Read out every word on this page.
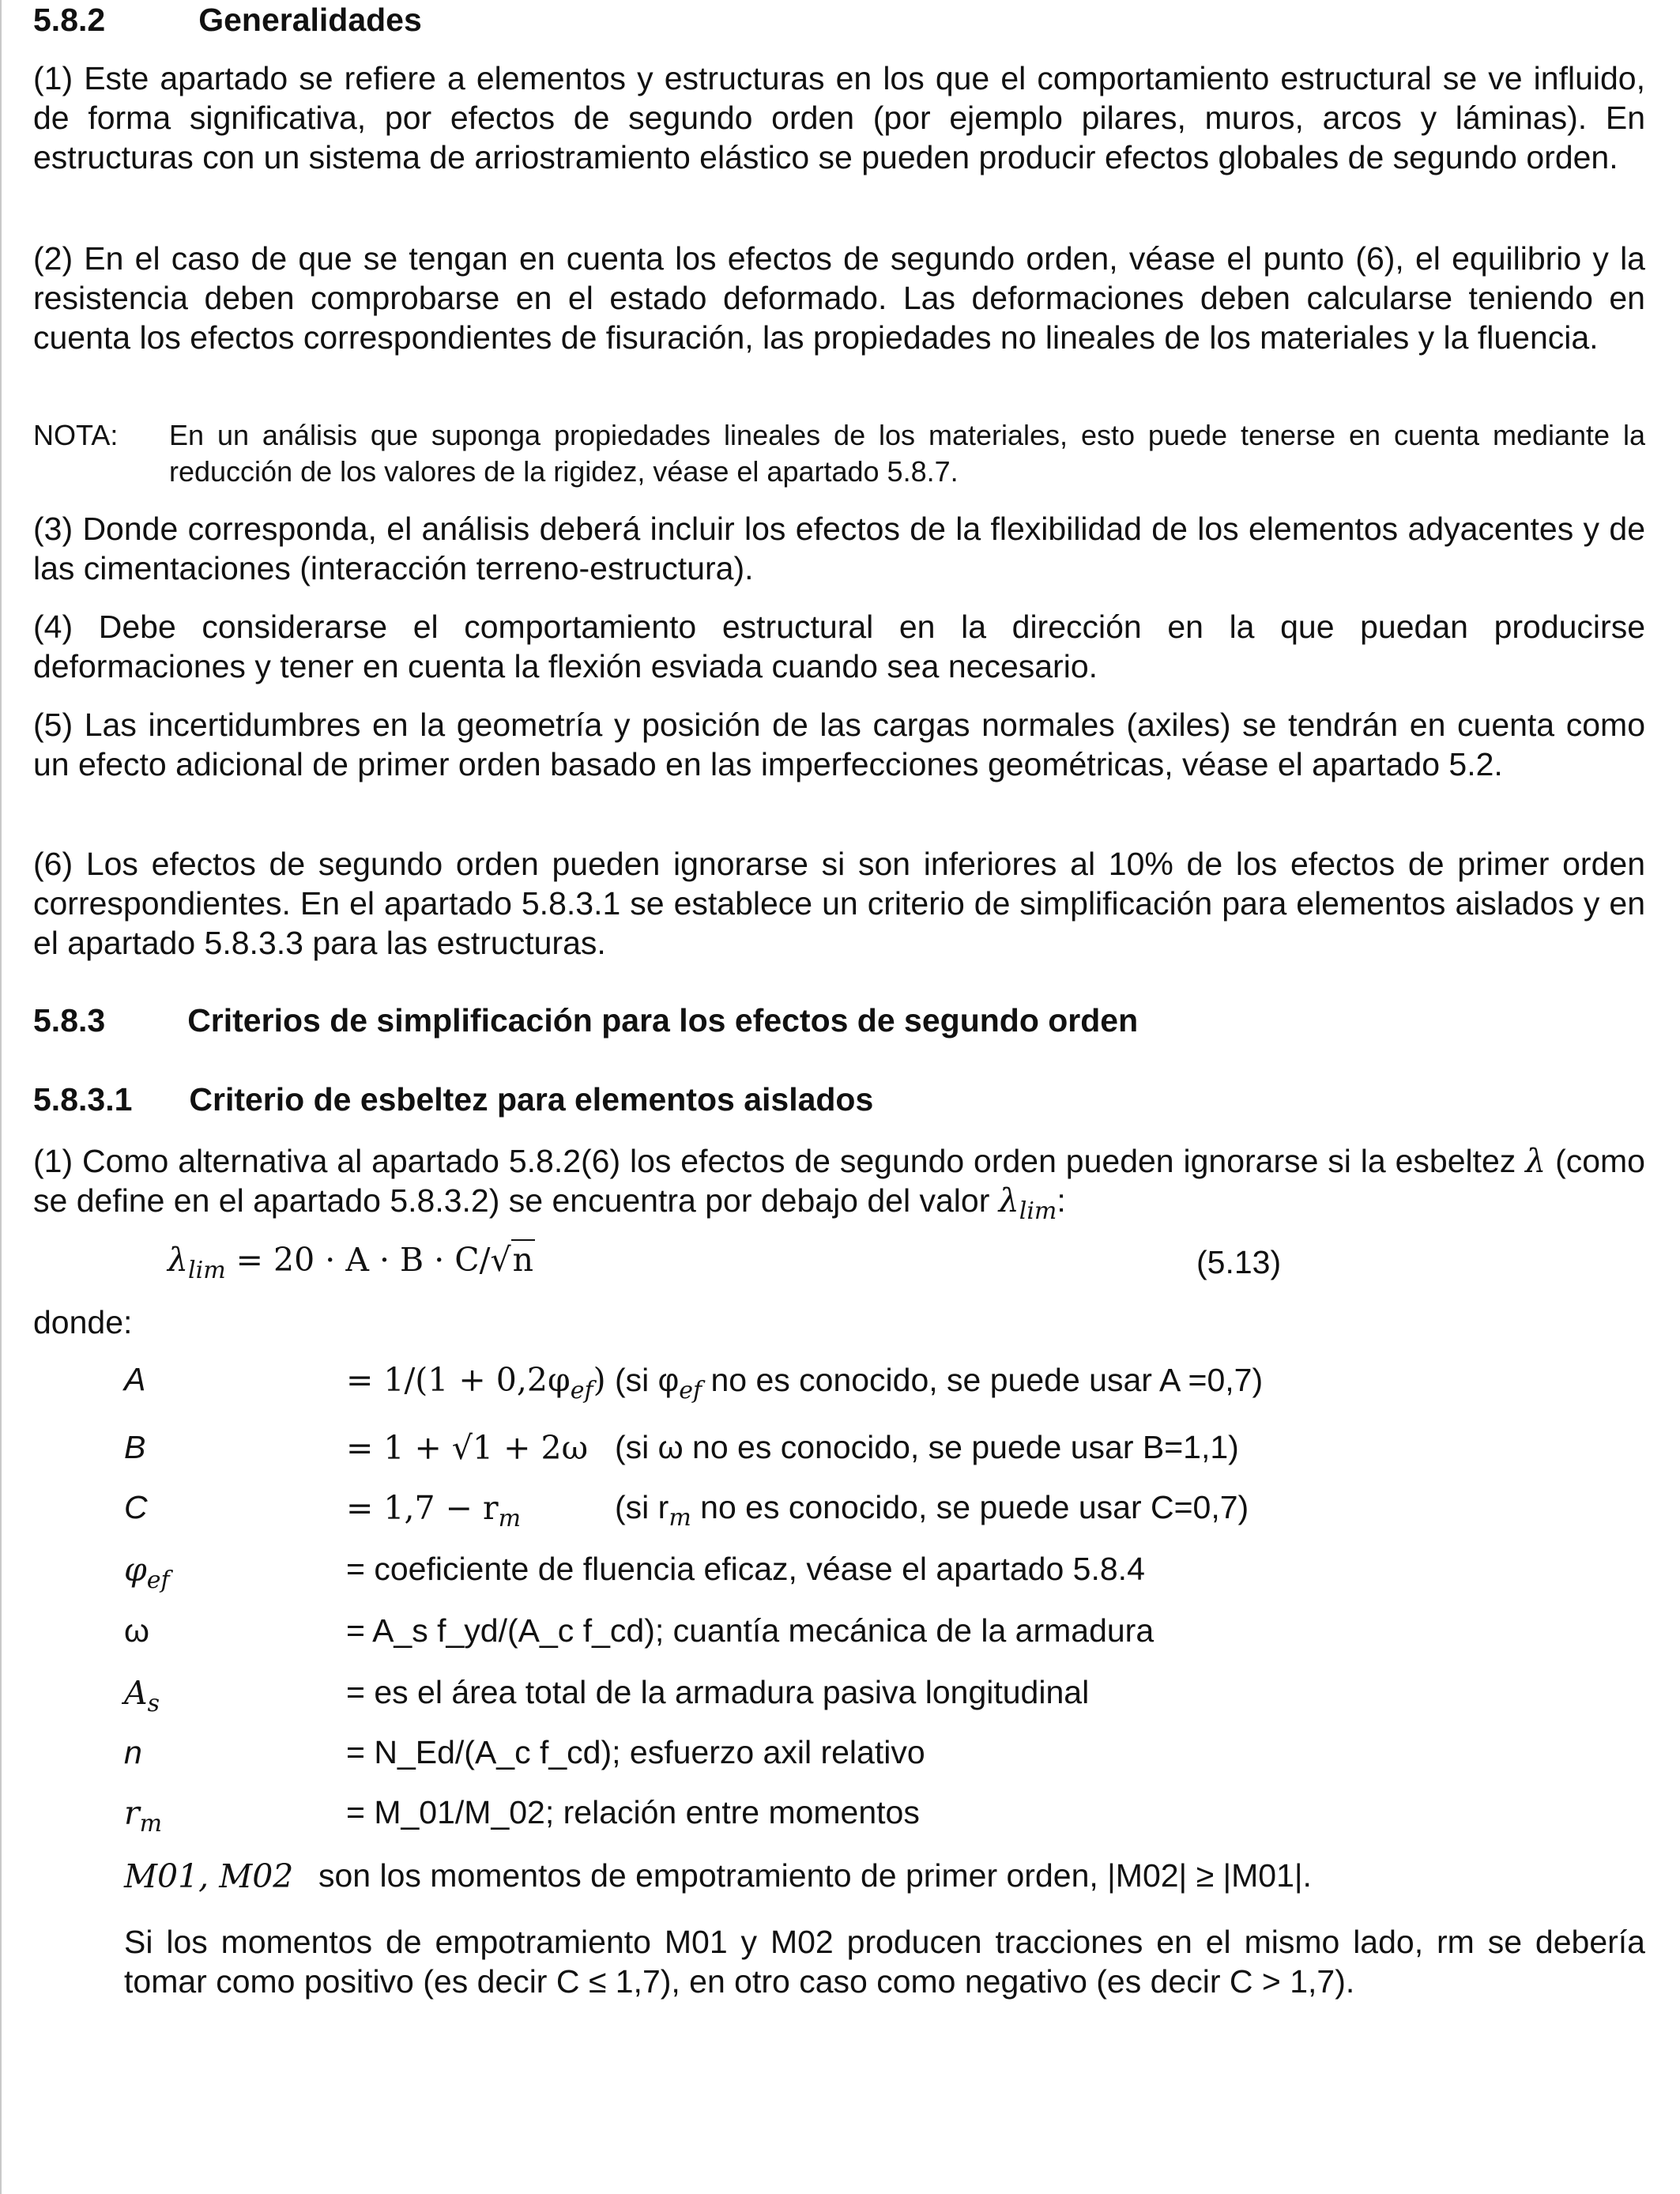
5.8.2	Generalidades

(1) Este apartado se refiere a elementos y estructuras en los que el comportamiento estructural se ve influido, de forma significativa, por efectos de segundo orden (por ejemplo pilares, muros, arcos y láminas). En estructuras con un sistema de arriostramiento elástico se pueden producir efectos globales de segundo orden.

(2) En el caso de que se tengan en cuenta los efectos de segundo orden, véase el punto (6), el equilibrio y la resistencia deben comprobarse en el estado deformado. Las deformaciones deben calcularse teniendo en cuenta los efectos correspondientes de fisuración, las propiedades no lineales de los materiales y la fluencia.

NOTA: En un análisis que suponga propiedades lineales de los materiales, esto puede tenerse en cuenta mediante la reducción de los valores de la rigidez, véase el apartado 5.8.7.

(3) Donde corresponda, el análisis deberá incluir los efectos de la flexibilidad de los elementos adyacentes y de las cimentaciones (interacción terreno-estructura).

(4) Debe considerarse el comportamiento estructural en la dirección en la que puedan producirse deformaciones y tener en cuenta la flexión esviada cuando sea necesario.

(5) Las incertidumbres en la geometría y posición de las cargas normales (axiles) se tendrán en cuenta como un efecto adicional de primer orden basado en las imperfecciones geométricas, véase el apartado 5.2.

(6) Los efectos de segundo orden pueden ignorarse si son inferiores al 10% de los efectos de primer orden correspondientes. En el apartado 5.8.3.1 se establece un criterio de simplificación para elementos aislados y en el apartado 5.8.3.3 para las estructuras.

5.8.3	Criterios de simplificación para los efectos de segundo orden
5.8.3.1 Criterio de esbeltez para elementos aislados

(1) Como alternativa al apartado 5.8.2(6) los efectos de segundo orden pueden ignorarse si la esbeltez λ (como se define en el apartado 5.8.3.2) se encuentra por debajo del valor $\lambda_{lim}$:

$\lambda_{lim} = 20 \cdot A \cdot B \cdot C/√n$	(5.13)
donde:
A	= $1/(1 + 0,2\varphi_{ef})$ (si $\varphi_{ef}$ no es conocido, se puede usar A =0,7)
B	= 1 + √1 + 2ω (si ω no es conocido, se puede usar B=1,1)
C	= $1,7 - r_m$	(si $r_m$ no es conocido, se puede usar C=0,7)
$\varphi_{ef}$	= coeficiente de fluencia eficaz, véase el apartado 5.8.4
ω	= A_s f_yd/(A_c f_cd); cuantía mecánica de la armadura
$A_s$	= es el área total de la armadura pasiva longitudinal
n	= N_Ed/(A_c f_cd); esfuerzo axil relativo
$r_m$	= M_01/M_02; relación entre momentos
M01, M02 son los momentos de empotramiento de primer orden, |M02| ≥ |M01|.

Si los momentos de empotramiento M01 y M02 producen tracciones en el mismo lado, rm se debería tomar como positivo (es decir C ≤ 1,7), en otro caso como negativo (es decir C > 1,7).
